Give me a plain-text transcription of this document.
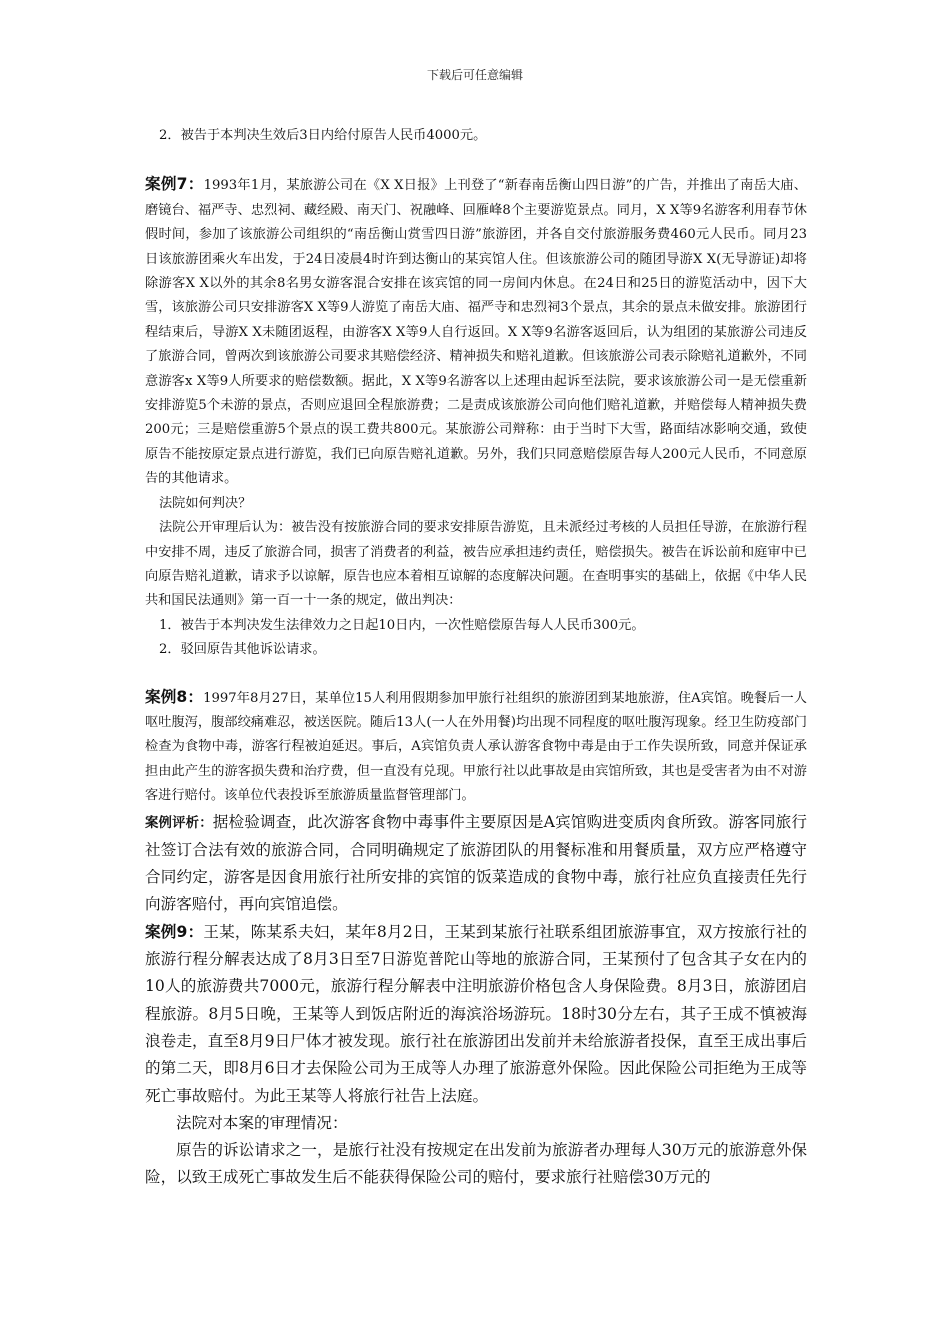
下载后可任意编辑

2．被告于本判决生效后3日内给付原告人民币4000元。

案例7：1993年1月，某旅游公司在《X X日报》上刊登了“新春南岳衡山四日游”的广告，并推出了南岳大庙、磨镜台、福严寺、忠烈祠、藏经殿、南天门、祝融峰、回雁峰8个主要游览景点。同月，X X等9名游客利用春节休假时间，参加了该旅游公司组织的“南岳衡山赏雪四日游”旅游团，并各自交付旅游服务费460元人民币。同月23日该旅游团乘火车出发，于24日凌晨4时许到达衡山的某宾馆人住。但该旅游公司的随团导游X X(无导游证)却将除游客X X以外的其余8名男女游客混合安排在该宾馆的同一房间内休息。在24日和25日的游览活动中，因下大雪，该旅游公司只安排游客X X等9人游览了南岳大庙、福严寺和忠烈祠3个景点，其余的景点未做安排。旅游团行程结束后，导游X X未随团返程，由游客X X等9人自行返回。X X等9名游客返回后，认为组团的某旅游公司违反了旅游合同，曾两次到该旅游公司要求其赔偿经济、精神损失和赔礼道歉。但该旅游公司表示除赔礼道歉外，不同意游客x X等9人所要求的赔偿数额。据此，X X等9名游客以上述理由起诉至法院，要求该旅游公司一是无偿重新安排游览5个未游的景点，否则应退回全程旅游费；二是责成该旅游公司向他们赔礼道歉，并赔偿每人精神损失费200元；三是赔偿重游5个景点的误工费共800元。某旅游公司辩称：由于当时下大雪，路面结冰影响交通，致使原告不能按原定景点进行游览，我们已向原告赔礼道歉。另外，我们只同意赔偿原告每人200元人民币，不同意原告的其他请求。

法院如何判决？

法院公开审理后认为：被告没有按旅游合同的要求安排原告游览，且未派经过考核的人员担任导游，在旅游行程中安排不周，违反了旅游合同，损害了消费者的利益，被告应承担违约责任，赔偿损失。被告在诉讼前和庭审中已向原告赔礼道歉，请求予以谅解，原告也应本着相互谅解的态度解决问题。在查明事实的基础上，依据《中华人民共和国民法通则》第一百一十一条的规定，做出判决：

1．被告于本判决发生法律效力之日起10日内，一次性赔偿原告每人人民币300元。

2．驳回原告其他诉讼请求。

案例8：1997年8月27日，某单位15人利用假期参加甲旅行社组织的旅游团到某地旅游，住A宾馆。晚餐后一人呕吐腹泻，腹部绞痛难忍，被送医院。随后13人(一人在外用餐)均出现不同程度的呕吐腹泻现象。经卫生防疫部门检查为食物中毒，游客行程被迫延迟。事后，A宾馆负责人承认游客食物中毒是由于工作失误所致，同意并保证承担由此产生的游客损失费和治疗费，但一直没有兑现。甲旅行社以此事故是由宾馆所致，其也是受害者为由不对游客进行赔付。该单位代表投诉至旅游质量监督管理部门。

案例评析：据检验调查，此次游客食物中毒事件主要原因是A宾馆购进变质肉食所致。游客同旅行社签订合法有效的旅游合同，合同明确规定了旅游团队的用餐标准和用餐质量，双方应严格遵守合同约定，游客是因食用旅行社所安排的宾馆的饭菜造成的食物中毒，旅行社应负直接责任先行向游客赔付，再向宾馆追偿。

案例9：王某，陈某系夫妇，某年8月2日，王某到某旅行社联系组团旅游事宜，双方按旅行社的旅游行程分解表达成了8月3日至7日游览普陀山等地的旅游合同，王某预付了包含其子女在内的10人的旅游费共7000元，旅游行程分解表中注明旅游价格包含人身保险费。8月3日，旅游团启程旅游。8月5日晚，王某等人到饭店附近的海滨浴场游玩。18时30分左右，其子王成不慎被海浪卷走，直至8月9日尸体才被发现。旅行社在旅游团出发前并未给旅游者投保，直至王成出事后的第二天，即8月6日才去保险公司为王成等人办理了旅游意外保险。因此保险公司拒绝为王成等死亡事故赔付。为此王某等人将旅行社告上法庭。

法院对本案的审理情况：

原告的诉讼请求之一，是旅行社没有按规定在出发前为旅游者办理每人30万元的旅游意外保险，以致王成死亡事故发生后不能获得保险公司的赔付，要求旅行社赔偿30万元的
